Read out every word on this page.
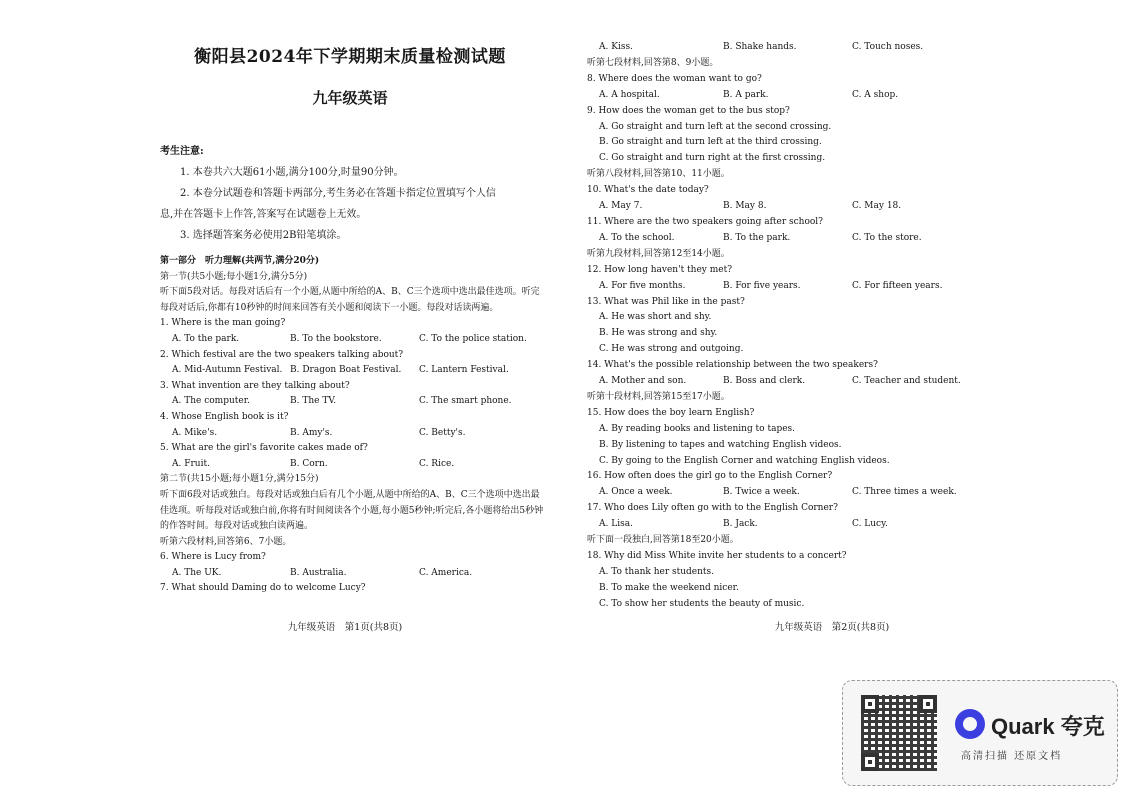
衡阳县2024年下学期期末质量检测试题
九年级英语
考生注意:
1. 本卷共六大题61小题,满分100分,时量90分钟。
2. 本卷分试题卷和答题卡两部分,考生务必在答题卡指定位置填写个人信
息,并在答题卡上作答,答案写在试题卷上无效。
3. 选择题答案务必使用2B铅笔填涂。
第一部分　听力理解(共两节,满分20分)
第一节(共5小题;每小题1分,满分5分)
听下面5段对话。每段对话后有一个小题,从题中所给的A、B、C三个选项中选出最佳选项。听完每段对话后,你都有10秒钟的时间来回答有关小题和阅读下一小题。每段对话读两遍。
1. Where is the man going?
A. To the park.	B. To the bookstore.	C. To the police station.
2. Which festival are the two speakers talking about?
A. Mid-Autumn Festival. B. Dragon Boat Festival.	C. Lantern Festival.
3. What invention are they talking about?
A. The computer.	B. The TV.	C. The smart phone.
4. Whose English book is it?
A. Mike's.	B. Amy's.	C. Betty's.
5. What are the girl's favorite cakes made of?
A. Fruit.	B. Corn.	C. Rice.
第二节(共15小题;每小题1分,满分15分)
听下面6段对话或独白。每段对话或独白后有几个小题,从题中所给的A、B、C三个选项中选出最佳选项。听每段对话或独白前,你将有时间阅读各个小题,每小题5秒钟;听完后,各小题将给出5秒钟的作答时间。每段对话或独白读两遍。
听第六段材料,回答第6、7小题。
6. Where is Lucy from?
A. The UK.	B. Australia.	C. America.
7. What should Daming do to welcome Lucy?
九年级英语　第1页(共8页)
A. Kiss.	B. Shake hands.	C. Touch noses.
听第七段材料,回答第8、9小题。
8. Where does the woman want to go?
A. A hospital.	B. A park.	C. A shop.
9. How does the woman get to the bus stop?
A. Go straight and turn left at the second crossing.
B. Go straight and turn left at the third crossing.
C. Go straight and turn right at the first crossing.
听第八段材料,回答第10、11小题。
10. What's the date today?
A. May 7.	B. May 8.	C. May 18.
11. Where are the two speakers going after school?
A. To the school.	B. To the park.	C. To the store.
听第九段材料,回答第12至14小题。
12. How long haven't they met?
A. For five months.	B. For five years.	C. For fifteen years.
13. What was Phil like in the past?
A. He was short and shy.
B. He was strong and shy.
C. He was strong and outgoing.
14. What's the possible relationship between the two speakers?
A. Mother and son.	B. Boss and clerk.	C. Teacher and student.
听第十段材料,回答第15至17小题。
15. How does the boy learn English?
A. By reading books and listening to tapes.
B. By listening to tapes and watching English videos.
C. By going to the English Corner and watching English videos.
16. How often does the girl go to the English Corner?
A. Once a week.	B. Twice a week.	C. Three times a week.
17. Who does Lily often go with to the English Corner?
A. Lisa.	B. Jack.	C. Lucy.
听下面一段独白,回答第18至20小题。
18. Why did Miss White invite her students to a concert?
A. To thank her students.
B. To make the weekend nicer.
C. To show her students the beauty of music.
九年级英语　第2页(共8页)
Quark 夸克
高清扫描 还原文档
